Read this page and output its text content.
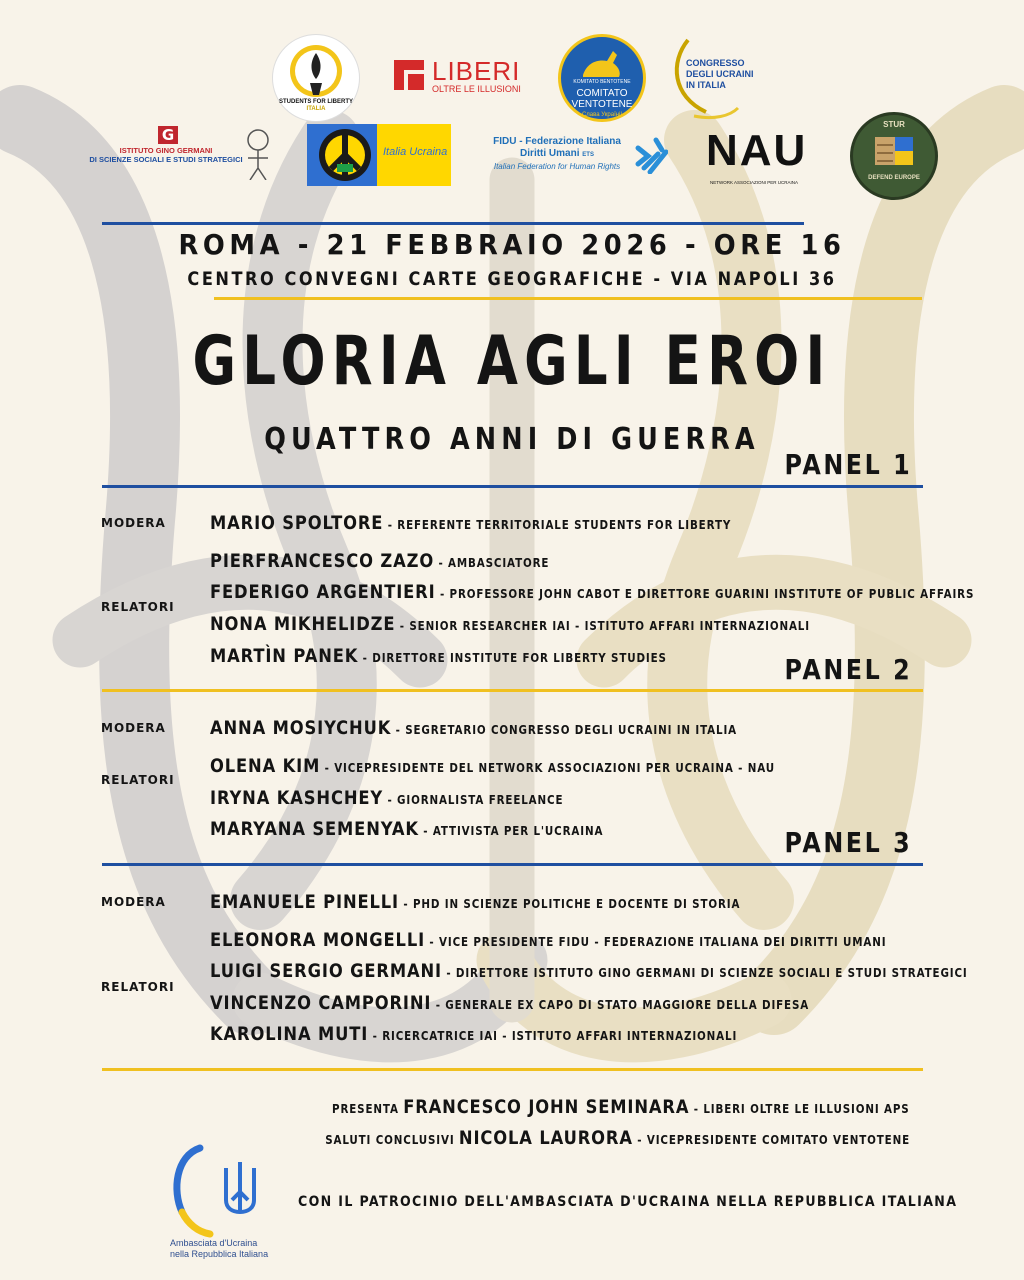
STUDENTS FOR LIBERTY
ITALIA
LIBERI
OLTRE LE ILLUSIONI
KOMITATO BENTOTENE
COMITATO
VENTOTENE
Слава Україні!
CONGRESSO
DEGLI UCRAINI
IN ITALIA
G
ISTITUTO GINO GERMANI
DI SCIENZE SOCIALI E STUDI STRATEGICI
Italia Ucraina
FIDU - Federazione Italiana
Diritti Umani ETS
Italian Federation for Human Rights NAU
NETWORK ASSOCIAZIONI PER UCRAINA
STUR
DEFEND EUROPE
ROMA - 21 FEBBRAIO 2026 - ORE 16
CENTRO CONVEGNI CARTE GEOGRAFICHE - VIA NAPOLI 36
GLORIA AGLI EROI
QUATTRO ANNI DI GUERRA
PANEL 1
MODERA MARIO SPOLTORE - REFERENTE TERRITORIALE STUDENTS FOR LIBERTY
RELATORI
PIERFRANCESCO ZAZO - AMBASCIATORE
FEDERIGO ARGENTIERI - PROFESSORE JOHN CABOT E DIRETTORE GUARINI INSTITUTE OF PUBLIC AFFAIRS
NONA MIKHELIDZE - SENIOR RESEARCHER IAI - ISTITUTO AFFARI INTERNAZIONALI
MARTÌN PANEK - DIRETTORE INSTITUTE FOR LIBERTY STUDIES	PANEL 2
MODERA ANNA MOSIYCHUK - SEGRETARIO CONGRESSO DEGLI UCRAINI IN ITALIA
RELATORI
OLENA KIM - VICEPRESIDENTE DEL NETWORK ASSOCIAZIONI PER UCRAINA - NAU
IRYNA KASHCHEY - GIORNALISTA FREELANCE
MARYANA SEMENYAK - ATTIVISTA PER L'UCRAINA	PANEL 3
MODERA EMANUELE PINELLI - PHD IN SCIENZE POLITICHE E DOCENTE DI STORIA
RELATORI
ELEONORA MONGELLI - VICE PRESIDENTE FIDU - FEDERAZIONE ITALIANA DEI DIRITTI UMANI
LUIGI SERGIO GERMANI - DIRETTORE ISTITUTO GINO GERMANI DI SCIENZE SOCIALI E STUDI STRATEGICI
VINCENZO CAMPORINI - GENERALE EX CAPO DI STATO MAGGIORE DELLA DIFESA
KAROLINA MUTI - RICERCATRICE IAI - ISTITUTO AFFARI INTERNAZIONALI
PRESENTA FRANCESCO JOHN SEMINARA - LIBERI OLTRE LE ILLUSIONI APS
SALUTI CONCLUSIVI NICOLA LAURORA - VICEPRESIDENTE COMITATO VENTOTENE
Ambasciata d'Ucraina
nella Repubblica Italiana
CON IL PATROCINIO DELL'AMBASCIATA D'UCRAINA NELLA REPUBBLICA ITALIANA
